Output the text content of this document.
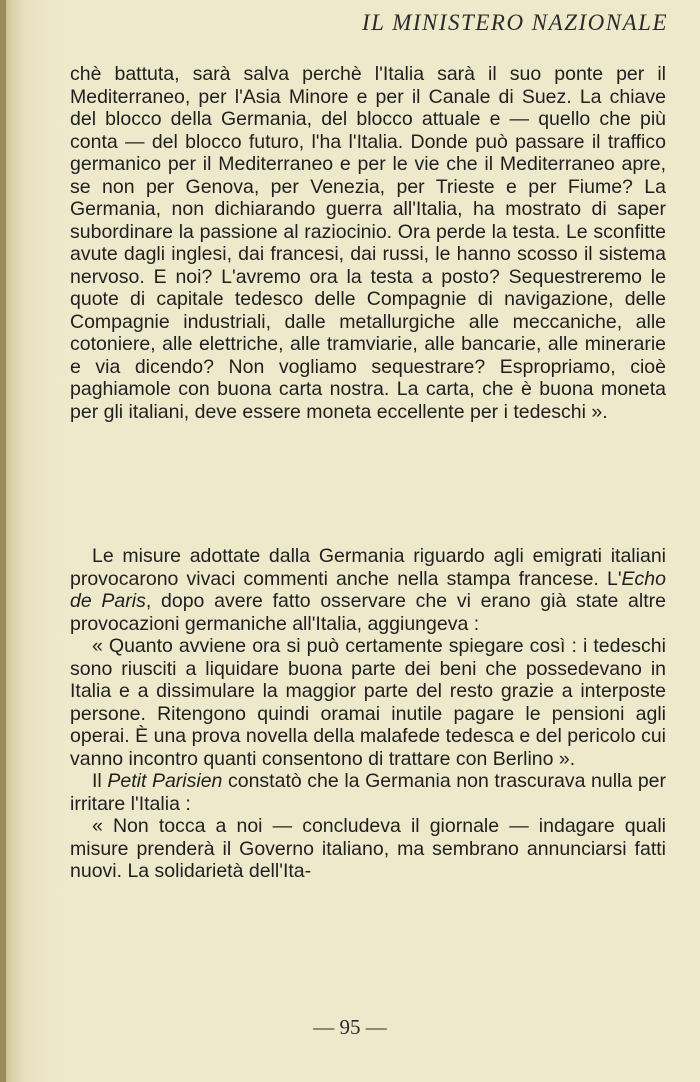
IL MINISTERO NAZIONALE

chè battuta, sarà salva perchè l'Italia sarà il suo ponte per il Mediterraneo, per l'Asia Minore e per il Canale di Suez. La chiave del blocco della Germania, del blocco attuale e — quello che più conta — del blocco futuro, l'ha l'Italia. Donde può passare il traffico germanico per il Mediterraneo e per le vie che il Mediterraneo apre, se non per Genova, per Venezia, per Trieste e per Fiume? La Germania, non dichiarando guerra all'Italia, ha mostrato di saper subordinare la passione al raziocinio. Ora perde la testa. Le sconfitte avute dagli inglesi, dai francesi, dai russi, le hanno scosso il sistema nervoso. E noi? L'avremo ora la testa a posto? Sequestreremo le quote di capitale tedesco delle Compagnie di navigazione, delle Compagnie industriali, dalle metallurgiche alle meccaniche, alle cotoniere, alle elettriche, alle tramviarie, alle bancarie, alle minerarie e via dicendo? Non vogliamo sequestrare? Espropriamo, cioè paghiamole con buona carta nostra. La carta, che è buona moneta per gli italiani, deve essere moneta eccellente per i tedeschi ».

Le misure adottate dalla Germania riguardo agli emigrati italiani provocarono vivaci commenti anche nella stampa francese. L'Echo de Paris, dopo avere fatto osservare che vi erano già state altre provocazioni germaniche all'Italia, aggiungeva :

« Quanto avviene ora si può certamente spiegare così : i tedeschi sono riusciti a liquidare buona parte dei beni che possedevano in Italia e a dissimulare la maggior parte del resto grazie a interposte persone. Ritengono quindi oramai inutile pagare le pensioni agli operai. È una prova novella della malafede tedesca e del pericolo cui vanno incontro quanti consentono di trattare con Berlino ».

Il Petit Parisien constatò che la Germania non trascurava nulla per irritare l'Italia :

« Non tocca a noi — concludeva il giornale — indagare quali misure prenderà il Governo italiano, ma sembrano annunciarsi fatti nuovi. La solidarietà dell'Ita-

— 95 —
